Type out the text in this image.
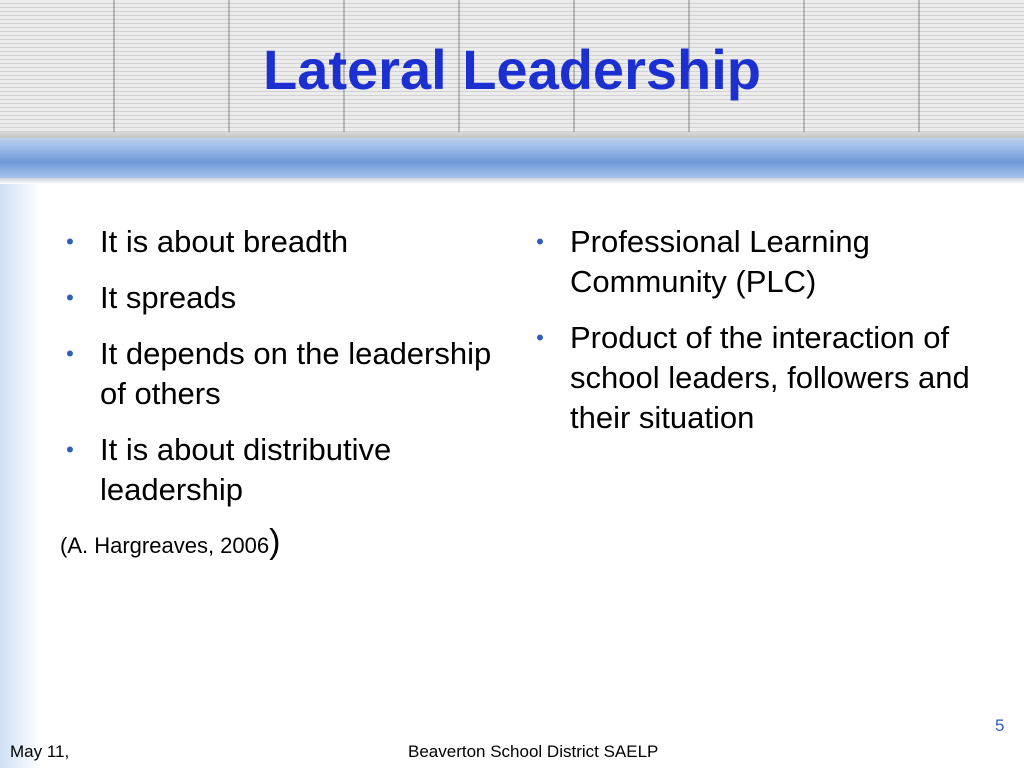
Lateral Leadership
• It is about breadth
• It spreads
• It depends on the leadership of others
• It is about distributive leadership
(A. Hargreaves, 2006)
• Professional Learning Community (PLC)
• Product of the interaction of school leaders, followers and their situation
5
May 11,	Beaverton School District SAELP
